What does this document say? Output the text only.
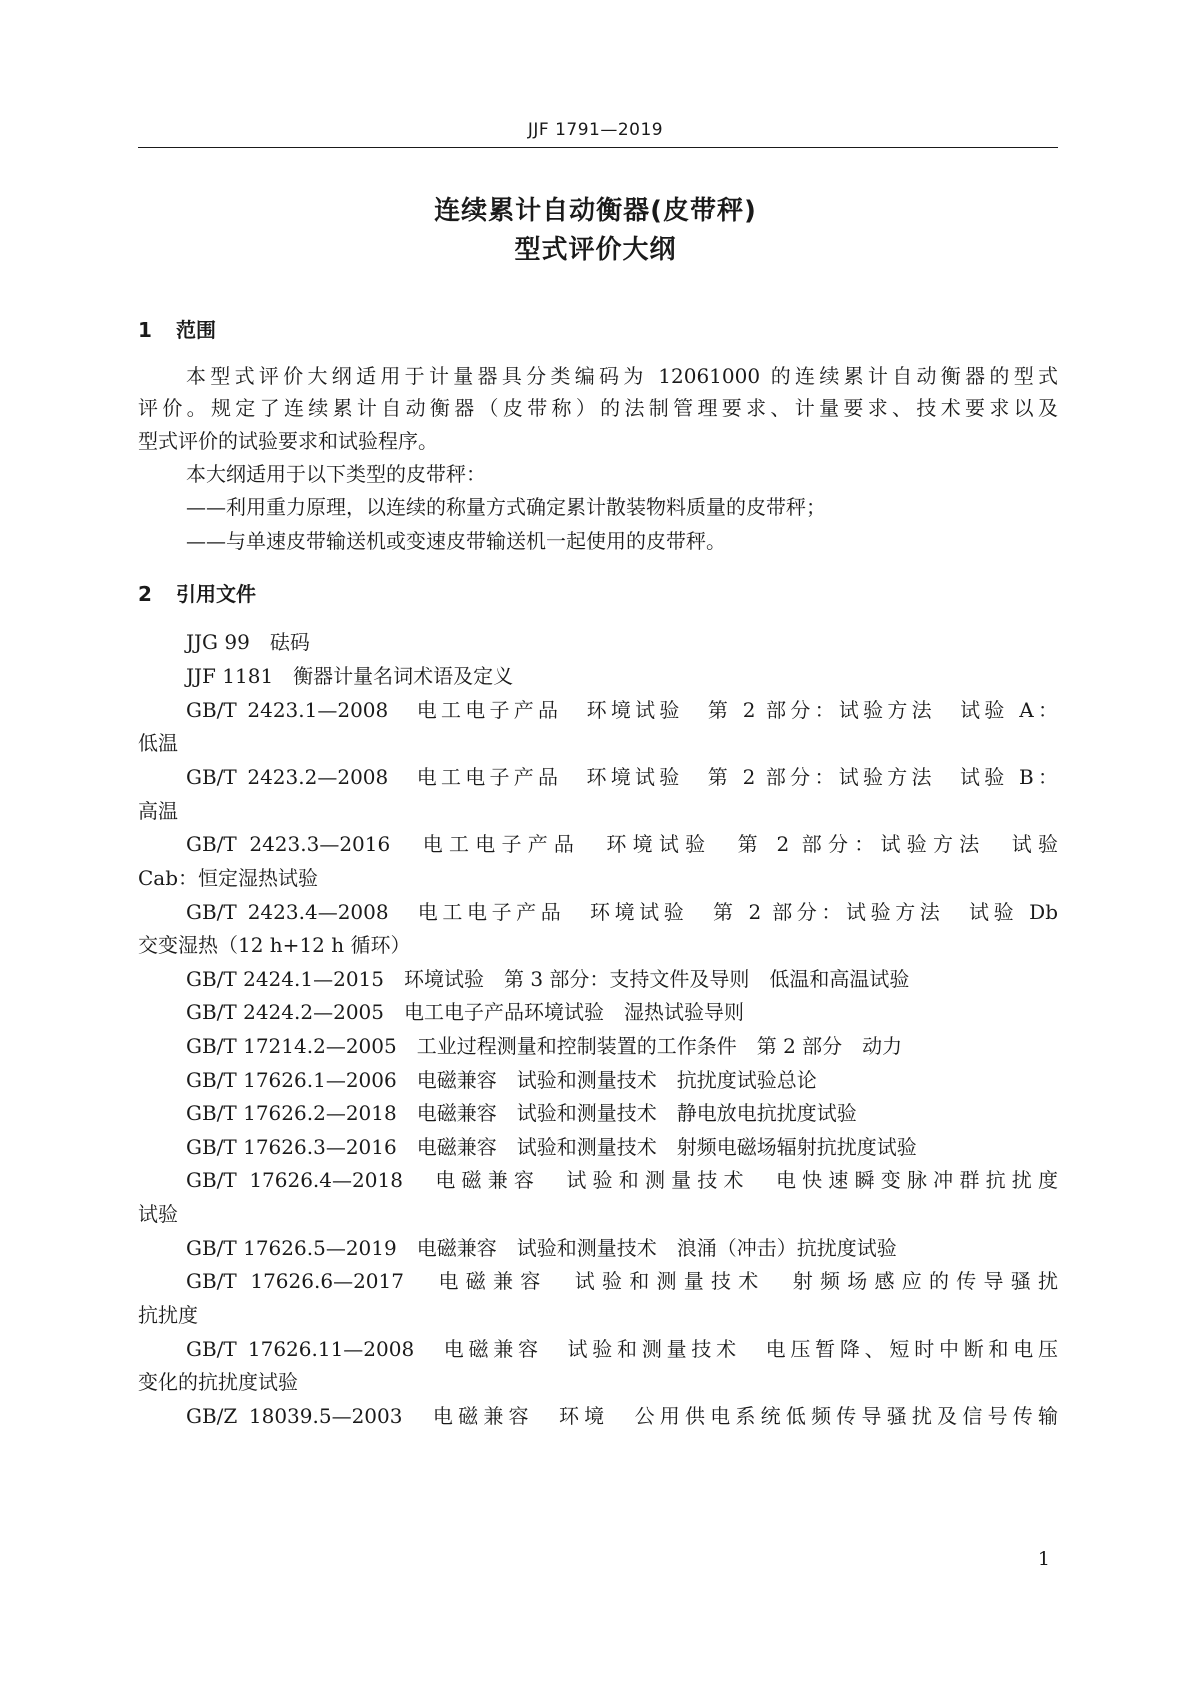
JJF 1791—2019
连续累计自动衡器(皮带秤)
型式评价大纲
1 范围
本型式评价大纲适用于计量器具分类编码为 12061000 的连续累计自动衡器的型式
评价。规定了连续累计自动衡器（皮带称）的法制管理要求、计量要求、技术要求以及
型式评价的试验要求和试验程序。
本大纲适用于以下类型的皮带秤：
——利用重力原理，以连续的称量方式确定累计散装物料质量的皮带秤；
——与单速皮带输送机或变速皮带输送机一起使用的皮带秤。
2 引用文件
JJG 99　砝码
JJF 1181　衡器计量名词术语及定义
GB/T 2423.1—2008　电工电子产品　环境试验　第 2 部分：试验方法　试验 A：
低温
GB/T 2423.2—2008　电工电子产品　环境试验　第 2 部分：试验方法　试验 B：
高温
GB/T 2423.3—2016　电工电子产品　环境试验　第 2 部分：试验方法　试验
Cab：恒定湿热试验
GB/T 2423.4—2008　电工电子产品　环境试验　第 2 部分：试验方法　试验 Db
交变湿热（12 h+12 h 循环）
GB/T 2424.1—2015　环境试验　第 3 部分：支持文件及导则　低温和高温试验
GB/T 2424.2—2005　电工电子产品环境试验　湿热试验导则
GB/T 17214.2—2005　工业过程测量和控制装置的工作条件　第 2 部分　动力
GB/T 17626.1—2006　电磁兼容　试验和测量技术　抗扰度试验总论
GB/T 17626.2—2018　电磁兼容　试验和测量技术　静电放电抗扰度试验
GB/T 17626.3—2016　电磁兼容　试验和测量技术　射频电磁场辐射抗扰度试验
GB/T 17626.4—2018　电磁兼容　试验和测量技术　电快速瞬变脉冲群抗扰度
试验
GB/T 17626.5—2019　电磁兼容　试验和测量技术　浪涌（冲击）抗扰度试验
GB/T 17626.6—2017　电磁兼容　试验和测量技术　射频场感应的传导骚扰
抗扰度
GB/T 17626.11—2008　电磁兼容　试验和测量技术　电压暂降、短时中断和电压
变化的抗扰度试验
GB/Z 18039.5—2003　电磁兼容　环境　公用供电系统低频传导骚扰及信号传输
1
